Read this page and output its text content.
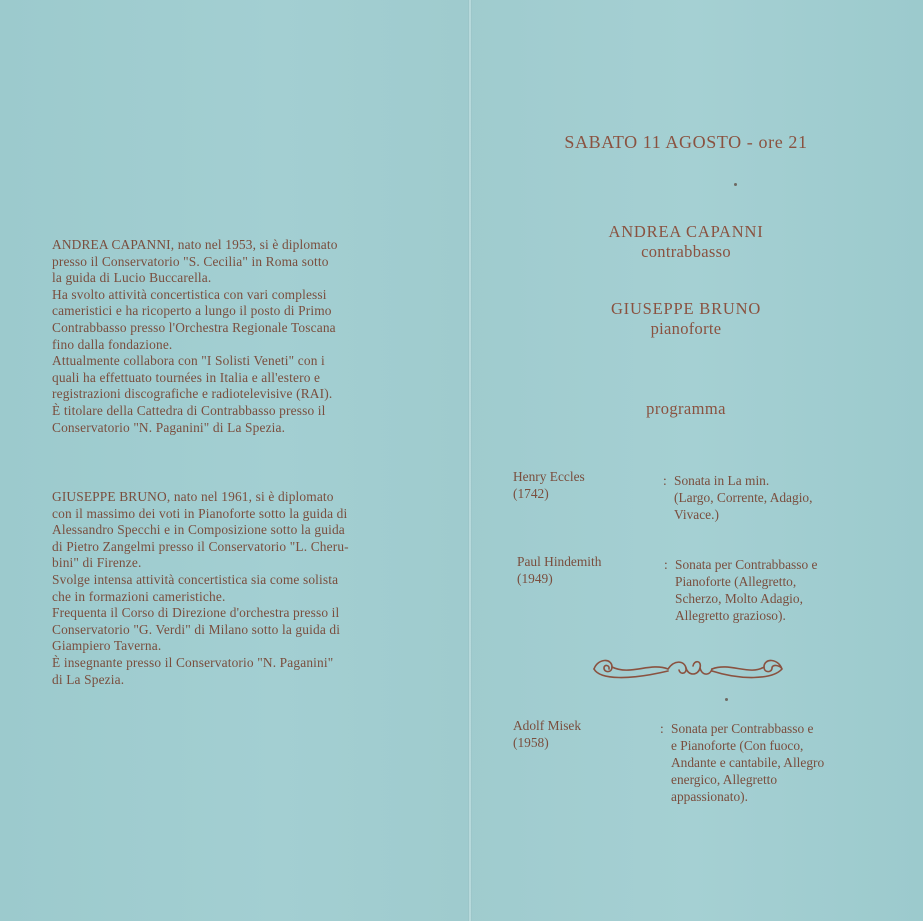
ANDREA CAPANNI, nato nel 1953, si è diplomato

presso il Conservatorio "S. Cecilia" in Roma sotto

la guida di Lucio Buccarella.

Ha svolto attività concertistica con vari complessi

cameristici e ha ricoperto a lungo il posto di Primo

Contrabbasso presso l'Orchestra Regionale Toscana

fino dalla fondazione.

Attualmente collabora con "I Solisti Veneti" con i

quali ha effettuato tournées in Italia e all'estero e

registrazioni discografiche e radiotelevisive (RAI).

È titolare della Cattedra di Contrabbasso presso il

Conservatorio "N. Paganini" di La Spezia.

GIUSEPPE BRUNO, nato nel 1961, si è diplomato

con il massimo dei voti in Pianoforte sotto la guida di

Alessandro Specchi e in Composizione sotto la guida

di Pietro Zangelmi presso il Conservatorio "L. Cheru-

bini" di Firenze.

Svolge intensa attività concertistica sia come solista

che in formazioni cameristiche.

Frequenta il Corso di Direzione d'orchestra presso il

Conservatorio "G. Verdi" di Milano sotto la guida di

Giampiero Taverna.

È insegnante presso il Conservatorio "N. Paganini"

di La Spezia.

SABATO 11 AGOSTO - ore 21
ANDREA CAPANNI
contrabbasso
GIUSEPPE BRUNO
pianoforte
programma
Henry Eccles
(1742)
: Sonata in La min.
(Largo, Corrente, Adagio,
Vivace.)
Paul Hindemith
(1949)
: Sonata per Contrabbasso e
Pianoforte (Allegretto,
Scherzo, Molto Adagio,
Allegretto grazioso).
Adolf Misek
(1958)
: Sonata per Contrabbasso e
e Pianoforte (Con fuoco,
Andante e cantabile, Allegro
energico, Allegretto
appassionato).
